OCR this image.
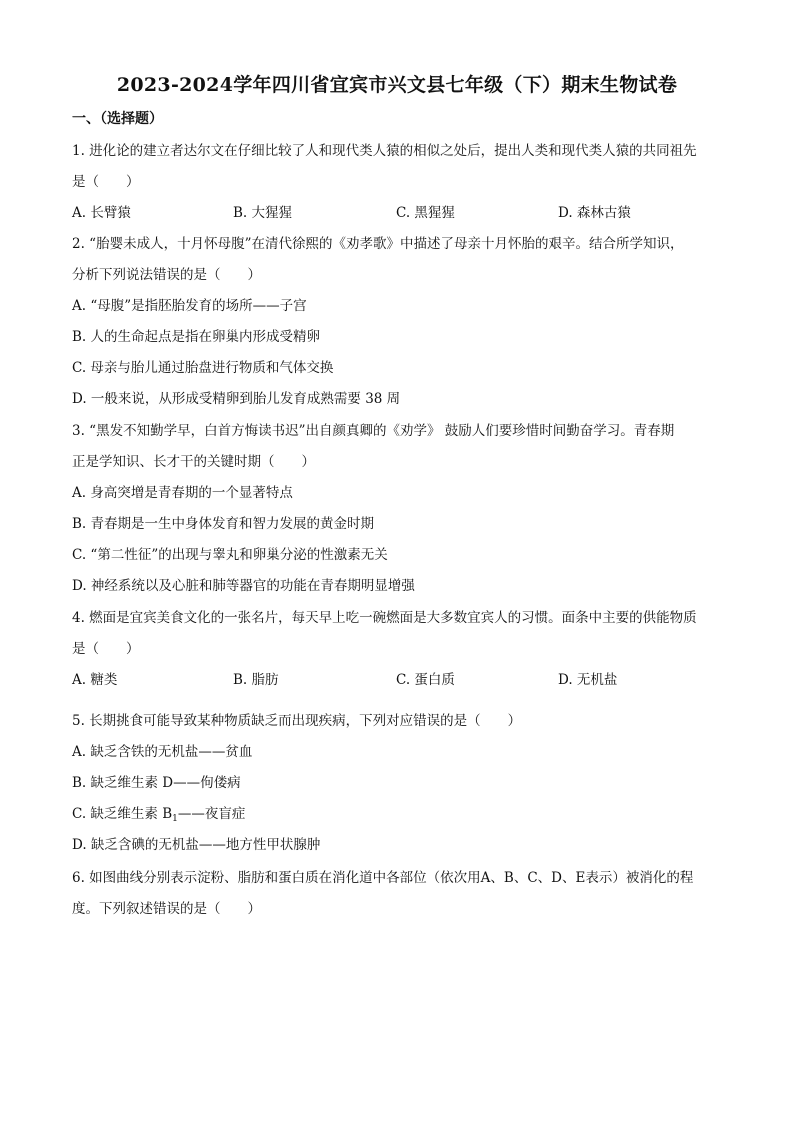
2023-2024学年四川省宜宾市兴文县七年级（下）期末生物试卷
一、（选择题）
1. 进化论的建立者达尔文在仔细比较了人和现代类人猿的相似之处后，提出人类和现代类人猿的共同祖先
是（　　）
A. 长臂猿	B. 大猩猩	C. 黑猩猩	D. 森林古猿
2. “胎婴未成人，十月怀母腹”在清代徐熙的《劝孝歌》中描述了母亲十月怀胎的艰辛。结合所学知识，
分析下列说法错误的是（　　）
A. “母腹”是指胚胎发育的场所——子宫
B. 人的生命起点是指在卵巢内形成受精卵
C. 母亲与胎儿通过胎盘进行物质和气体交换
D. 一般来说，从形成受精卵到胎儿发育成熟需要 38 周
3. “黑发不知勤学早，白首方悔读书迟”出自颜真卿的《劝学》 鼓励人们要珍惜时间勤奋学习。青春期
正是学知识、长才干的关键时期（　　）
A. 身高突增是青春期的一个显著特点
B. 青春期是一生中身体发育和智力发展的黄金时期
C. “第二性征”的出现与睾丸和卵巢分泌的性激素无关
D. 神经系统以及心脏和肺等器官的功能在青春期明显增强
4. 燃面是宜宾美食文化的一张名片，每天早上吃一碗燃面是大多数宜宾人的习惯。面条中主要的供能物质
是（　　）
A. 糖类	B. 脂肪	C. 蛋白质	D. 无机盐
5. 长期挑食可能导致某种物质缺乏而出现疾病，下列对应错误的是（　　）
A. 缺乏含铁的无机盐——贫血
B. 缺乏维生素 D——佝偻病
C. 缺乏维生素 $B_1——$夜盲症
D. 缺乏含碘的无机盐——地方性甲状腺肿
6. 如图曲线分别表示淀粉、脂肪和蛋白质在消化道中各部位（依次用A、B、C、D、E表示）被消化的程
度。下列叙述错误的是（　　）
